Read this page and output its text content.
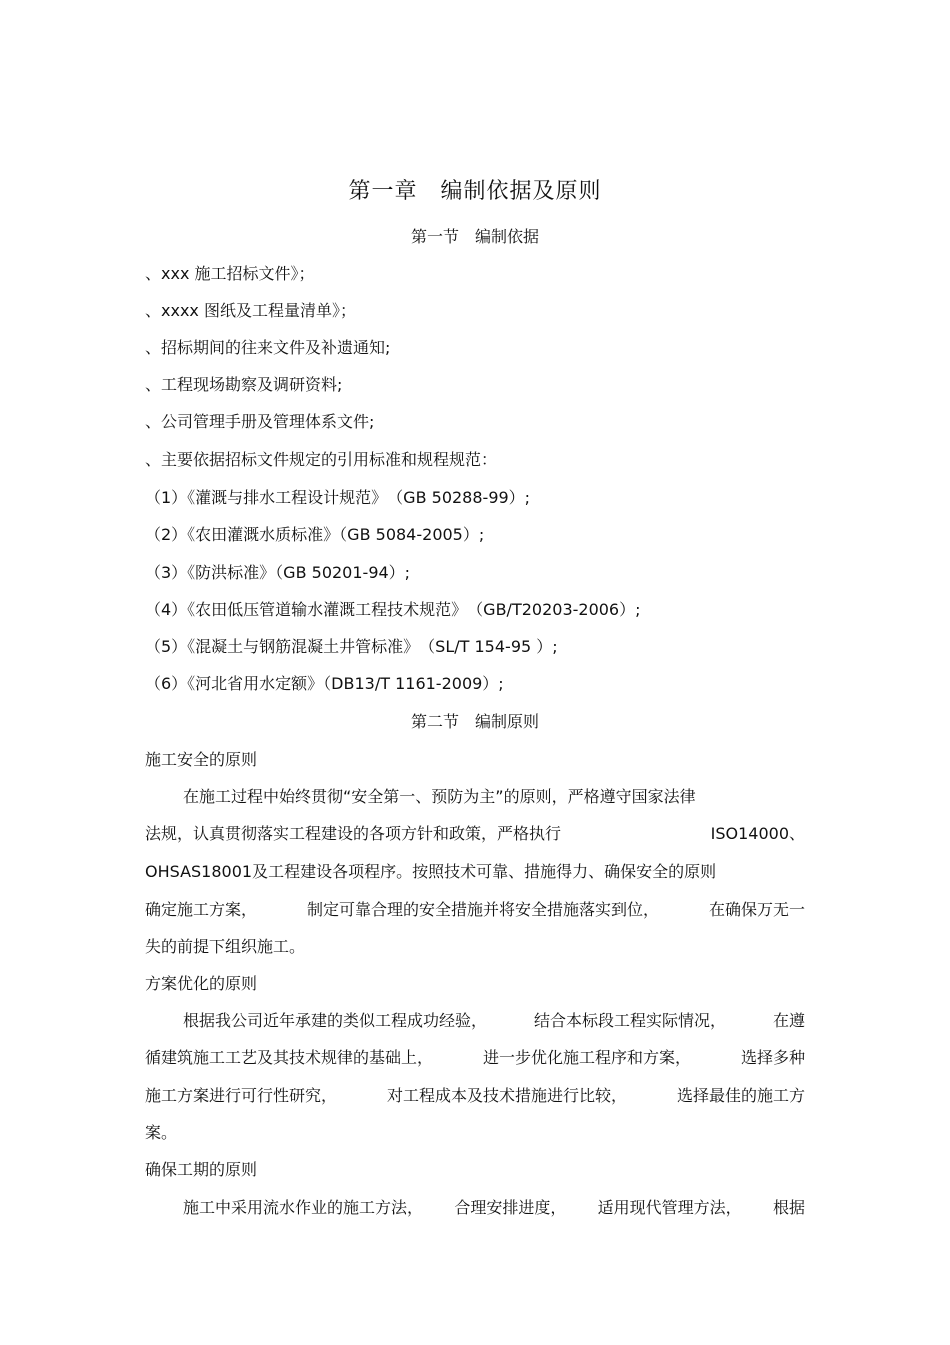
第一章　编制依据及原则
第一节　编制依据
、xxx 施工招标文件》；
、xxxx 图纸及工程量清单》；
、招标期间的往来文件及补遗通知;
、工程现场勘察及调研资料;
、公司管理手册及管理体系文件;
、主要依据招标文件规定的引用标准和规程规范：
（1）《灌溉与排水工程设计规范》　（GB 50288-99）;
（2）《农田灌溉水质标准》（GB 5084-2005）;
（3）《防洪标准》（GB 50201-94）;
（4）《农田低压管道输水灌溉工程技术规范》　（GB/T20203-2006）;
（5）《混凝土与钢筋混凝土井管标准》　（SL/T 154-95 ）;
（6）《河北省用水定额》（DB13/T 1161-2009）;
第二节　编制原则
施工安全的原则
在施工过程中始终贯彻“安全第一、预防为主”的原则，严格遵守国家法律
法规，认真贯彻落实工程建设的各项方针和政策，严格执行	ISO14000、
OHSAS18001及工程建设各项程序。按照技术可靠、措施得力、确保安全的原则
确定施工方案，	制定可靠合理的安全措施并将安全措施落实到位，	在确保万无一
失的前提下组织施工。
方案优化的原则
根据我公司近年承建的类似工程成功经验，	结合本标段工程实际情况，	在遵
循建筑施工工艺及其技术规律的基础上，	进一步优化施工程序和方案，	选择多种
施工方案进行可行性研究，	对工程成本及技术措施进行比较，	选择最佳的施工方
案。
确保工期的原则
施工中采用流水作业的施工方法， 合理安排进度， 适用现代管理方法， 根据
